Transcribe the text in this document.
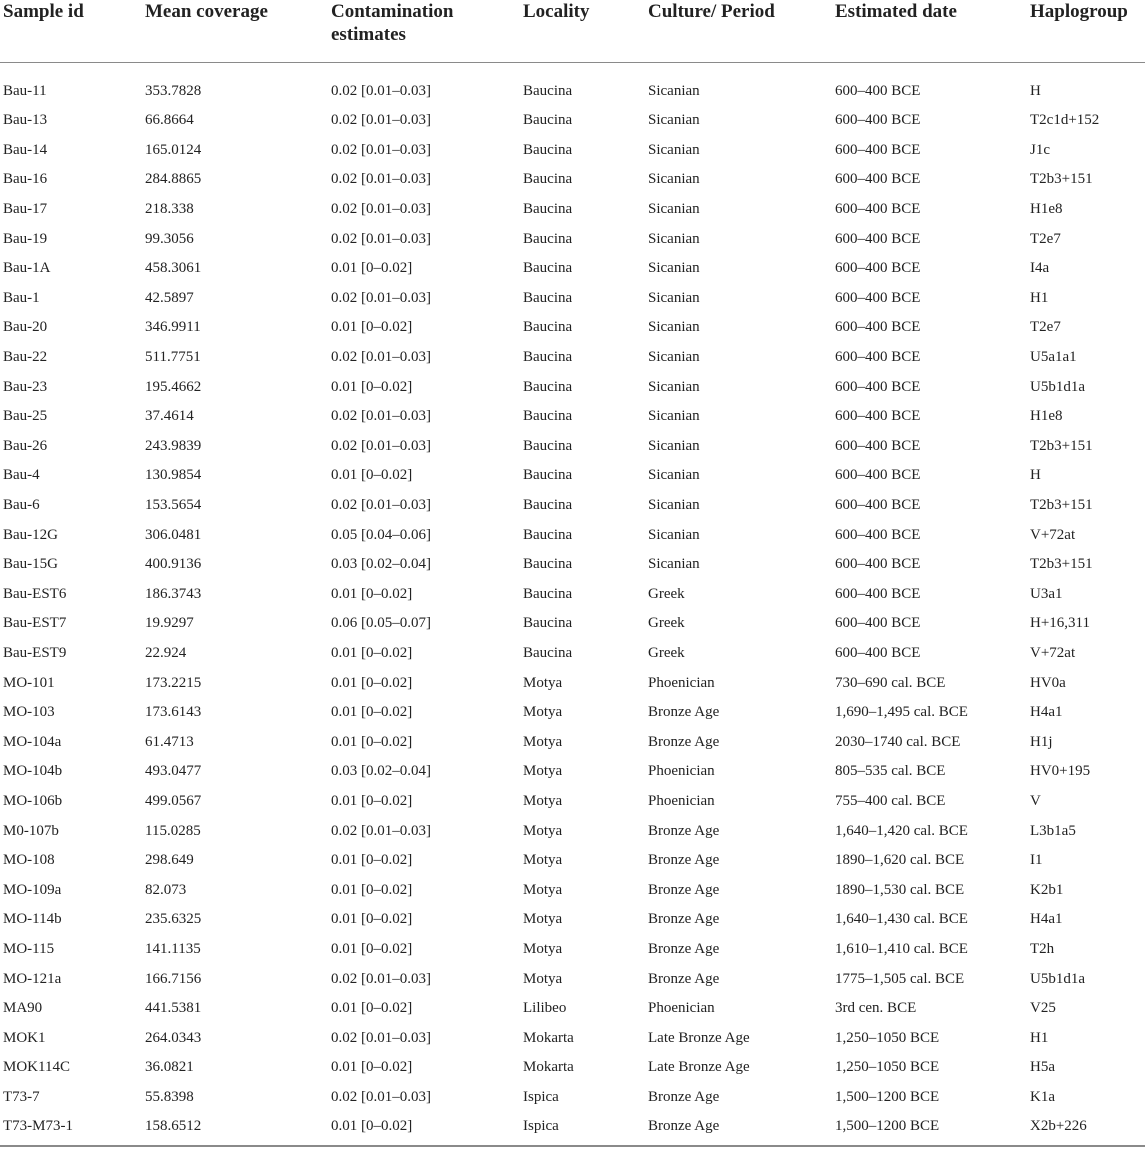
Sample id	Mean coverage	Contamination estimates	Locality	Culture/ Period	Estimated date	Haplogroup
Bau-11	353.7828	0.02 [0.01–0.03]	Baucina	Sicanian	600–400 BCE	H
Bau-13	66.8664	0.02 [0.01–0.03]	Baucina	Sicanian	600–400 BCE	T2c1d+152
Bau-14	165.0124	0.02 [0.01–0.03]	Baucina	Sicanian	600–400 BCE	J1c
Bau-16	284.8865	0.02 [0.01–0.03]	Baucina	Sicanian	600–400 BCE	T2b3+151
Bau-17	218.338	0.02 [0.01–0.03]	Baucina	Sicanian	600–400 BCE	H1e8
Bau-19	99.3056	0.02 [0.01–0.03]	Baucina	Sicanian	600–400 BCE	T2e7
Bau-1A	458.3061	0.01 [0–0.02]	Baucina	Sicanian	600–400 BCE	I4a
Bau-1	42.5897	0.02 [0.01–0.03]	Baucina	Sicanian	600–400 BCE	H1
Bau-20	346.9911	0.01 [0–0.02]	Baucina	Sicanian	600–400 BCE	T2e7
Bau-22	511.7751	0.02 [0.01–0.03]	Baucina	Sicanian	600–400 BCE	U5a1a1
Bau-23	195.4662	0.01 [0–0.02]	Baucina	Sicanian	600–400 BCE	U5b1d1a
Bau-25	37.4614	0.02 [0.01–0.03]	Baucina	Sicanian	600–400 BCE	H1e8
Bau-26	243.9839	0.02 [0.01–0.03]	Baucina	Sicanian	600–400 BCE	T2b3+151
Bau-4	130.9854	0.01 [0–0.02]	Baucina	Sicanian	600–400 BCE	H
Bau-6	153.5654	0.02 [0.01–0.03]	Baucina	Sicanian	600–400 BCE	T2b3+151
Bau-12G	306.0481	0.05 [0.04–0.06]	Baucina	Sicanian	600–400 BCE	V+72at
Bau-15G	400.9136	0.03 [0.02–0.04]	Baucina	Sicanian	600–400 BCE	T2b3+151
Bau-EST6	186.3743	0.01 [0–0.02]	Baucina	Greek	600–400 BCE	U3a1
Bau-EST7	19.9297	0.06 [0.05–0.07]	Baucina	Greek	600–400 BCE	H+16,311
Bau-EST9	22.924	0.01 [0–0.02]	Baucina	Greek	600–400 BCE	V+72at
MO-101	173.2215	0.01 [0–0.02]	Motya	Phoenician	730–690 cal. BCE	HV0a
MO-103	173.6143	0.01 [0–0.02]	Motya	Bronze Age	1,690–1,495 cal. BCE	H4a1
MO-104a	61.4713	0.01 [0–0.02]	Motya	Bronze Age	2030–1740 cal. BCE	H1j
MO-104b	493.0477	0.03 [0.02–0.04]	Motya	Phoenician	805–535 cal. BCE	HV0+195
MO-106b	499.0567	0.01 [0–0.02]	Motya	Phoenician	755–400 cal. BCE	V
M0-107b	115.0285	0.02 [0.01–0.03]	Motya	Bronze Age	1,640–1,420 cal. BCE	L3b1a5
MO-108	298.649	0.01 [0–0.02]	Motya	Bronze Age	1890–1,620 cal. BCE	I1
MO-109a	82.073	0.01 [0–0.02]	Motya	Bronze Age	1890–1,530 cal. BCE	K2b1
MO-114b	235.6325	0.01 [0–0.02]	Motya	Bronze Age	1,640–1,430 cal. BCE	H4a1
MO-115	141.1135	0.01 [0–0.02]	Motya	Bronze Age	1,610–1,410 cal. BCE	T2h
MO-121a	166.7156	0.02 [0.01–0.03]	Motya	Bronze Age	1775–1,505 cal. BCE	U5b1d1a
MA90	441.5381	0.01 [0–0.02]	Lilibeo	Phoenician	3rd cen. BCE	V25
MOK1	264.0343	0.02 [0.01–0.03]	Mokarta	Late Bronze Age	1,250–1050 BCE	H1
MOK114C	36.0821	0.01 [0–0.02]	Mokarta	Late Bronze Age	1,250–1050 BCE	H5a
T73-7	55.8398	0.02 [0.01–0.03]	Ispica	Bronze Age	1,500–1200 BCE	K1a
T73-M73-1	158.6512	0.01 [0–0.02]	Ispica	Bronze Age	1,500–1200 BCE	X2b+226
